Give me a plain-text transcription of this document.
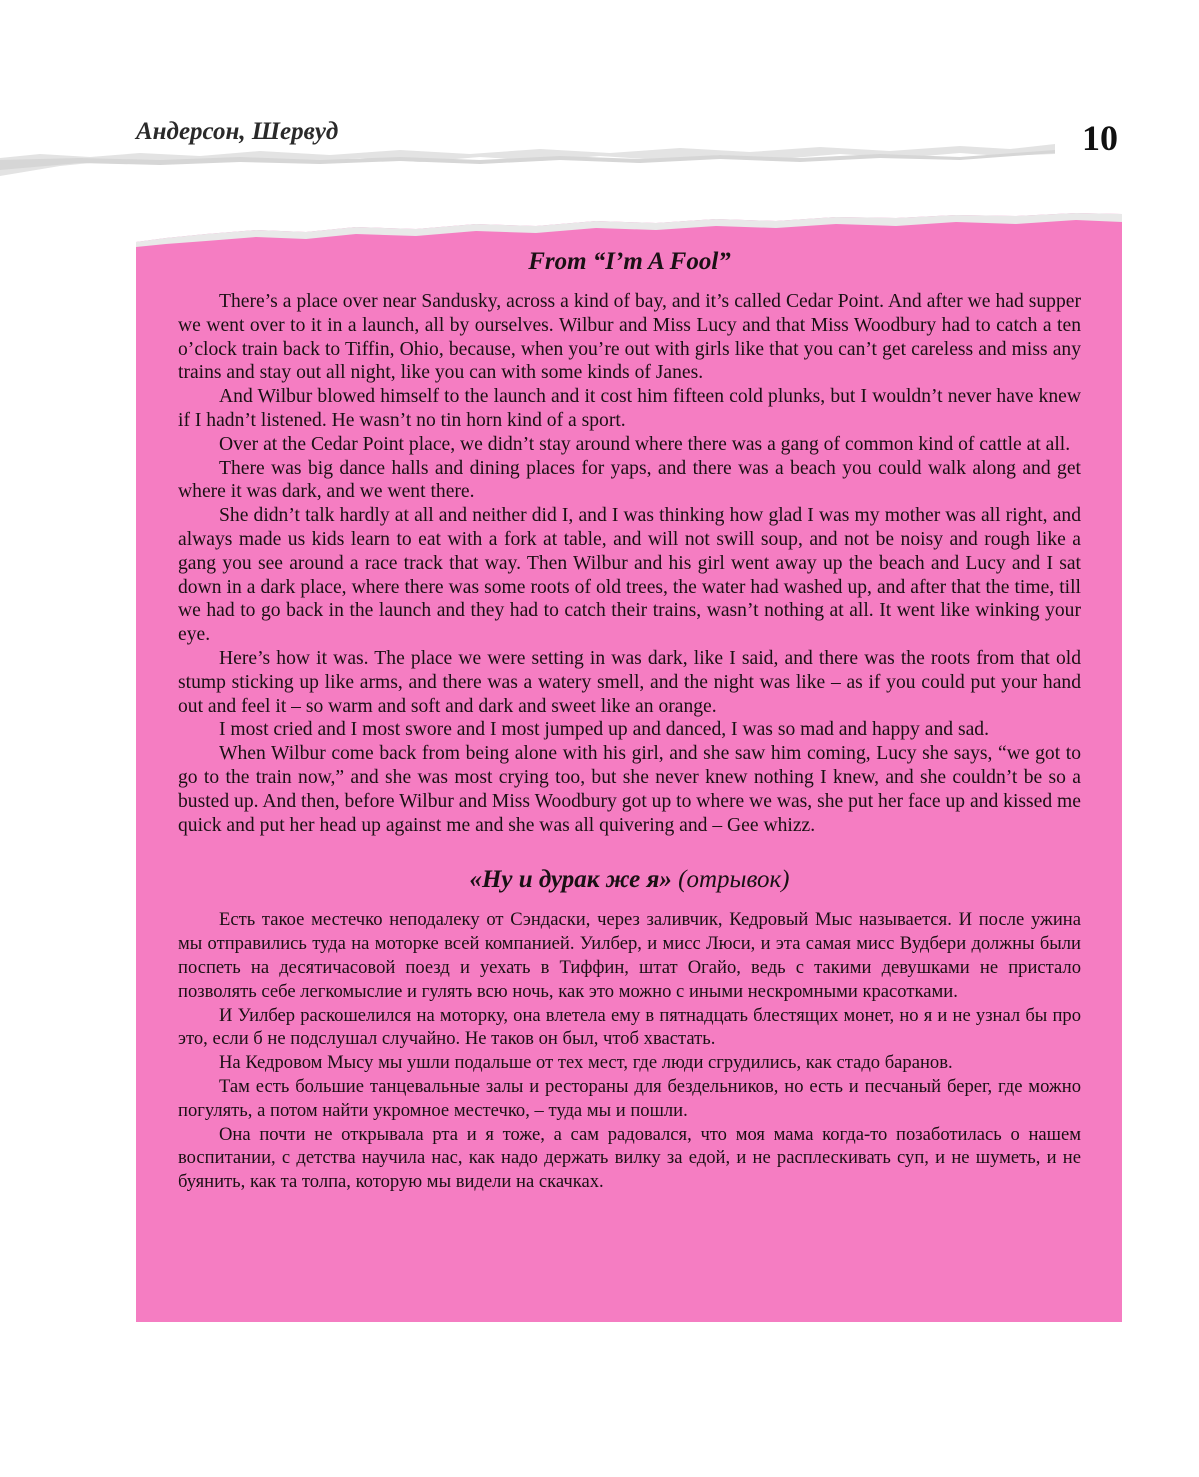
Андерсон, Шервуд	10
From “I’m A Fool”

There’s a place over near Sandusky, across a kind of bay, and it’s called Cedar Point. And after we had supper we went over to it in a launch, all by ourselves. Wilbur and Miss Lucy and that Miss Woodbury had to catch a ten o’clock train back to Tiffin, Ohio, because, when you’re out with girls like that you can’t get careless and miss any trains and stay out all night, like you can with some kinds of Janes.

And Wilbur blowed himself to the launch and it cost him fifteen cold plunks, but I wouldn’t never have knew if I hadn’t listened. He wasn’t no tin horn kind of a sport.

Over at the Cedar Point place, we didn’t stay around where there was a gang of common kind of cattle at all.

There was big dance halls and dining places for yaps, and there was a beach you could walk along and get where it was dark, and we went there.

She didn’t talk hardly at all and neither did I, and I was thinking how glad I was my mother was all right, and always made us kids learn to eat with a fork at table, and will not swill soup, and not be noisy and rough like a gang you see around a race track that way. Then Wilbur and his girl went away up the beach and Lucy and I sat down in a dark place, where there was some roots of old trees, the water had washed up, and after that the time, till we had to go back in the launch and they had to catch their trains, wasn’t nothing at all. It went like winking your eye.

Here’s how it was. The place we were setting in was dark, like I said, and there was the roots from that old stump sticking up like arms, and there was a watery smell, and the night was like – as if you could put your hand out and feel it – so warm and soft and dark and sweet like an orange.

I most cried and I most swore and I most jumped up and danced, I was so mad and happy and sad.

When Wilbur come back from being alone with his girl, and she saw him coming, Lucy she says, “we got to go to the train now,” and she was most crying too, but she never knew nothing I knew, and she couldn’t be so a busted up. And then, before Wilbur and Miss Woodbury got up to where we was, she put her face up and kissed me quick and put her head up against me and she was all quivering and – Gee whizz.

«Ну и дурак же я» (отрывок)

Есть такое местечко неподалеку от Сэндаски, через заливчик, Кедровый Мыс называется. И после ужина мы отправились туда на моторке всей компанией. Уилбер, и мисс Люси, и эта самая мисс Вудбери должны были поспеть на десятичасовой поезд и уехать в Тиффин, штат Огайо, ведь с такими девушками не пристало позволять себе легкомыслие и гулять всю ночь, как это можно с иными нескромными красотками.

И Уилбер раскошелился на моторку, она влетела ему в пятнадцать блестящих монет, но я и не узнал бы про это, если б не подслушал случайно. Не таков он был, чтоб хвастать.

На Кедровом Мысу мы ушли подальше от тех мест, где люди сгрудились, как стадо баранов.

Там есть большие танцевальные залы и рестораны для бездельников, но есть и песчаный берег, где можно погулять, а потом найти укромное местечко, – туда мы и пошли.

Она почти не открывала рта и я тоже, а сам радовался, что моя мама когда-то позаботилась о нашем воспитании, с детства научила нас, как надо держать вилку за едой, и не расплескивать суп, и не шуметь, и не буянить, как та толпа, которую мы видели на скачках.
